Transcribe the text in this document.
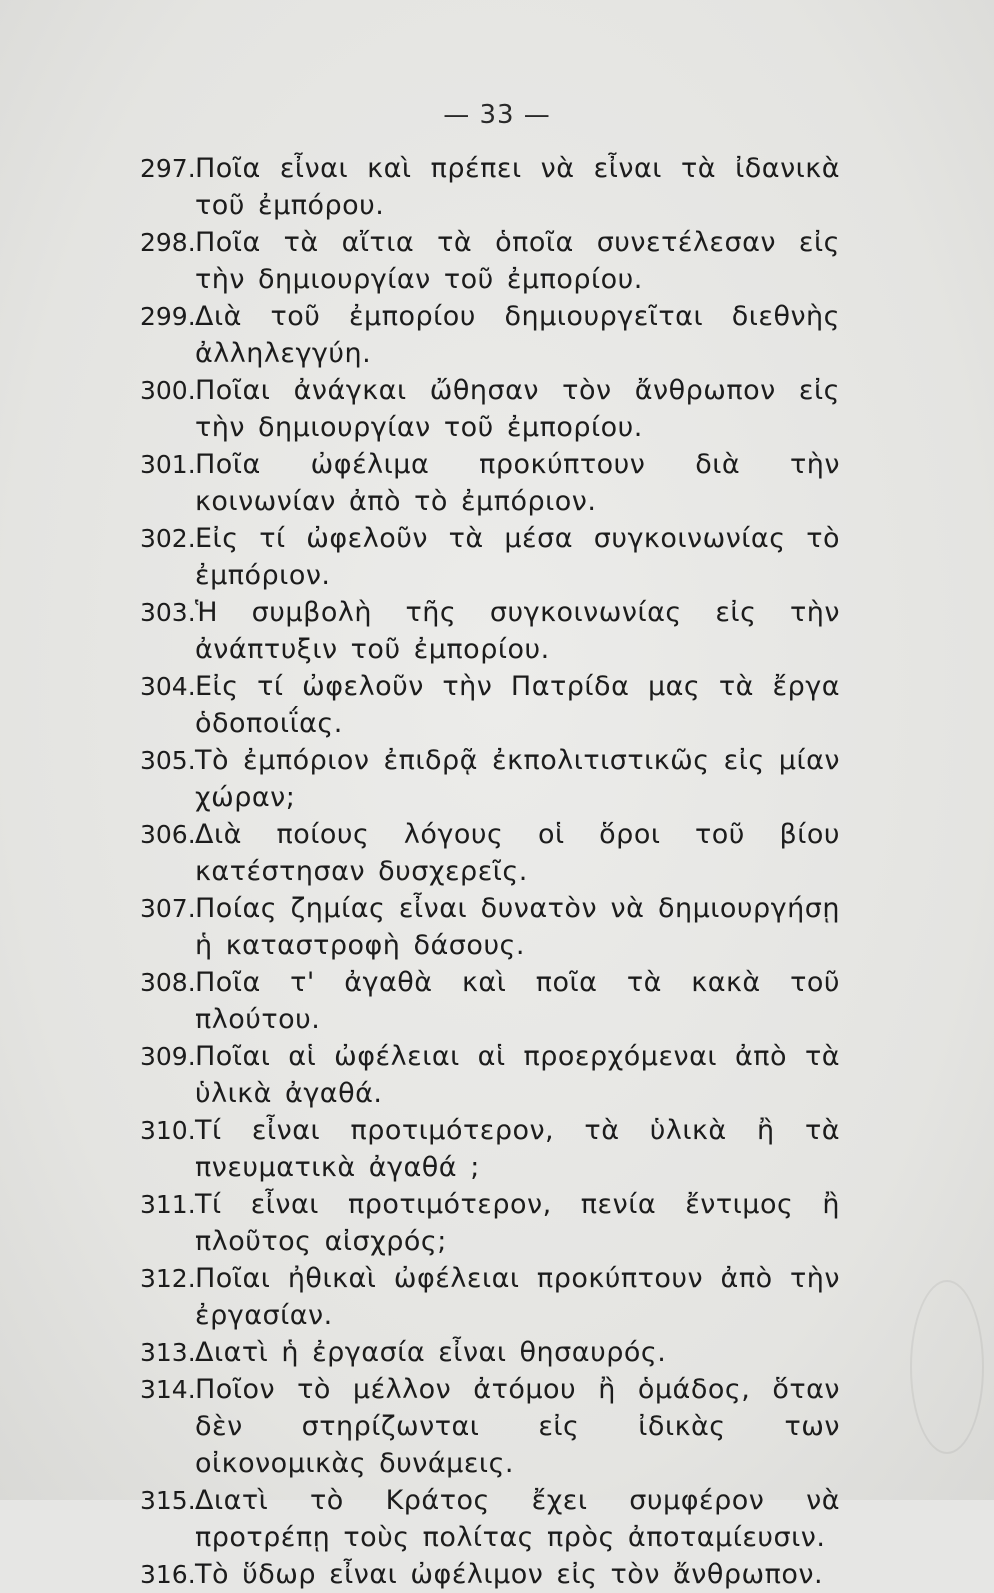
— 33 —
297. Ποῖα εἶναι καὶ πρέπει νὰ εἶναι τὰ ἰδανικὰ τοῦ ἐμπόρου.
298. Ποῖα τὰ αἴτια τὰ ὁποῖα συνετέλεσαν εἰς τὴν δημιουργίαν τοῦ ἐμπορίου.
299. Διὰ τοῦ ἐμπορίου δημιουργεῖται διεθνὴς ἀλληλεγγύη.
300. Ποῖαι ἀνάγκαι ὤθησαν τὸν ἄνθρωπον εἰς τὴν δημιουργίαν τοῦ ἐμπορίου.
301. Ποῖα ὠφέλιμα προκύπτουν διὰ τὴν κοινωνίαν ἀπὸ τὸ ἐμπόριον.
302. Εἰς τί ὠφελοῦν τὰ μέσα συγκοινωνίας τὸ ἐμπόριον.
303. Ἡ συμβολὴ τῆς συγκοινωνίας εἰς τὴν ἀνάπτυξιν τοῦ ἐμπορίου.
304. Εἰς τί ὠφελοῦν τὴν Πατρίδα μας τὰ ἔργα ὁδοποιΐας.
305. Τὸ ἐμπόριον ἐπιδρᾷ ἐκπολιτιστικῶς εἰς μίαν χώραν;
306. Διὰ ποίους λόγους οἱ ὅροι τοῦ βίου κατέστησαν δυσχερεῖς.
307. Ποίας ζημίας εἶναι δυνατὸν νὰ δημιουργήσῃ ἡ καταστροφὴ δάσους.
308. Ποῖα τ' ἀγαθὰ καὶ ποῖα τὰ κακὰ τοῦ πλούτου.
309. Ποῖαι αἱ ὠφέλειαι αἱ προερχόμεναι ἀπὸ τὰ ὑλικὰ ἀγαθά.
310. Τί εἶναι προτιμότερον, τὰ ὑλικὰ ἢ τὰ πνευματικὰ ἀγαθά ;
311. Τί εἶναι προτιμότερον, πενία ἔντιμος ἢ πλοῦτος αἰσχρός;
312. Ποῖαι ἠθικαὶ ὠφέλειαι προκύπτουν ἀπὸ τὴν ἐργασίαν.
313. Διατὶ ἡ ἐργασία εἶναι θησαυρός.
314. Ποῖον τὸ μέλλον ἀτόμου ἢ ὁμάδος, ὅταν δὲν στηρίζωνται εἰς ἰδικὰς των οἰκονομικὰς δυνάμεις.
315. Διατὶ τὸ Κράτος ἔχει συμφέρον νὰ προτρέπῃ τοὺς πολίτας πρὸς ἀποταμίευσιν.
316. Τὸ ὕδωρ εἶναι ὠφέλιμον εἰς τὸν ἄνθρωπον.
